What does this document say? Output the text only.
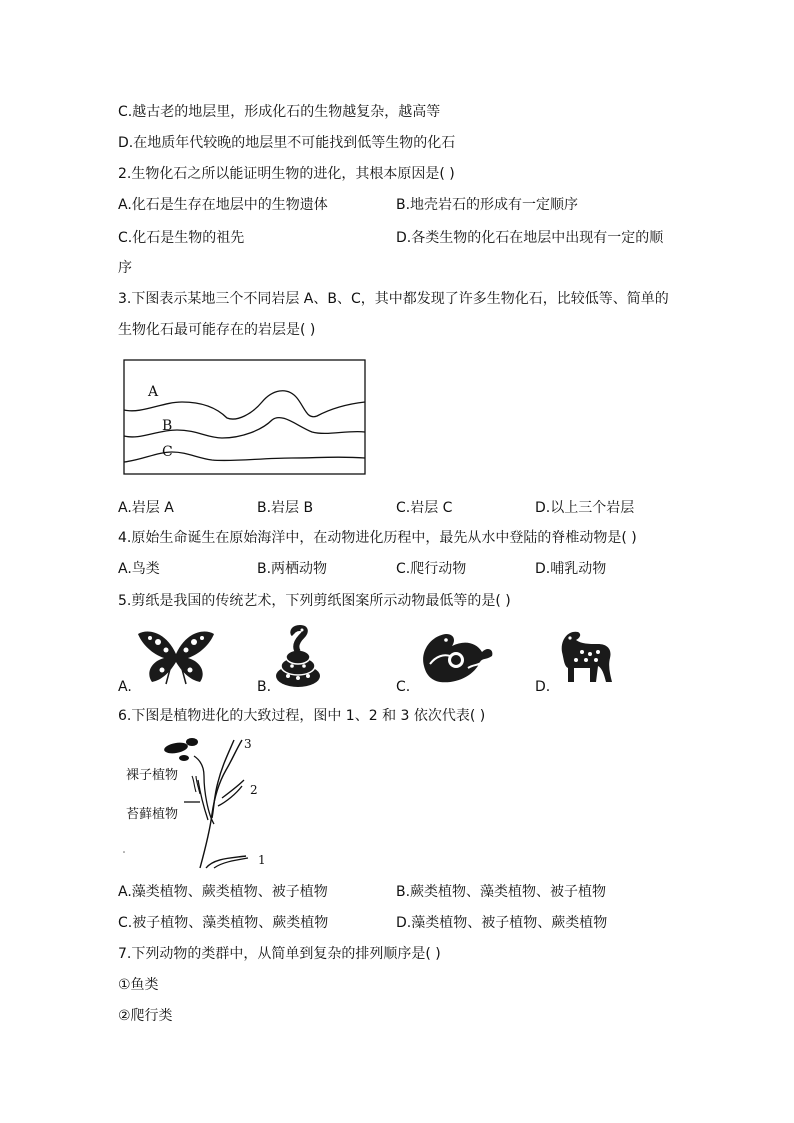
C.越古老的地层里，形成化石的生物越复杂，越高等
D.在地质年代较晚的地层里不可能找到低等生物的化石
2.生物化石之所以能证明生物的进化，其根本原因是( )
A.化石是生存在地层中的生物遗体	B.地壳岩石的形成有一定顺序
C.化石是生物的祖先	D.各类生物的化石在地层中出现有一定的顺
序
3.下图表示某地三个不同岩层 A、B、C，其中都发现了许多生物化石，比较低等、简单的
生物化石最可能存在的岩层是( )
A
B
C
A.岩层 A	B.岩层 B	C.岩层 C	D.以上三个岩层
4.原始生命诞生在原始海洋中，在动物进化历程中，最先从水中登陆的脊椎动物是( )
A.鸟类	B.两栖动物	C.爬行动物	D.哺乳动物
5.剪纸是我国的传统艺术，下列剪纸图案所示动物最低等的是( )
A.	B.	C.	D.
6.下图是植物进化的大致过程，图中 1、2 和 3 依次代表( )
3
2
1
裸子植物
苔藓植物
A.藻类植物、蕨类植物、被子植物	B.蕨类植物、藻类植物、被子植物
C.被子植物、藻类植物、蕨类植物	D.藻类植物、被子植物、蕨类植物
7.下列动物的类群中，从简单到复杂的排列顺序是( )
①鱼类
②爬行类
